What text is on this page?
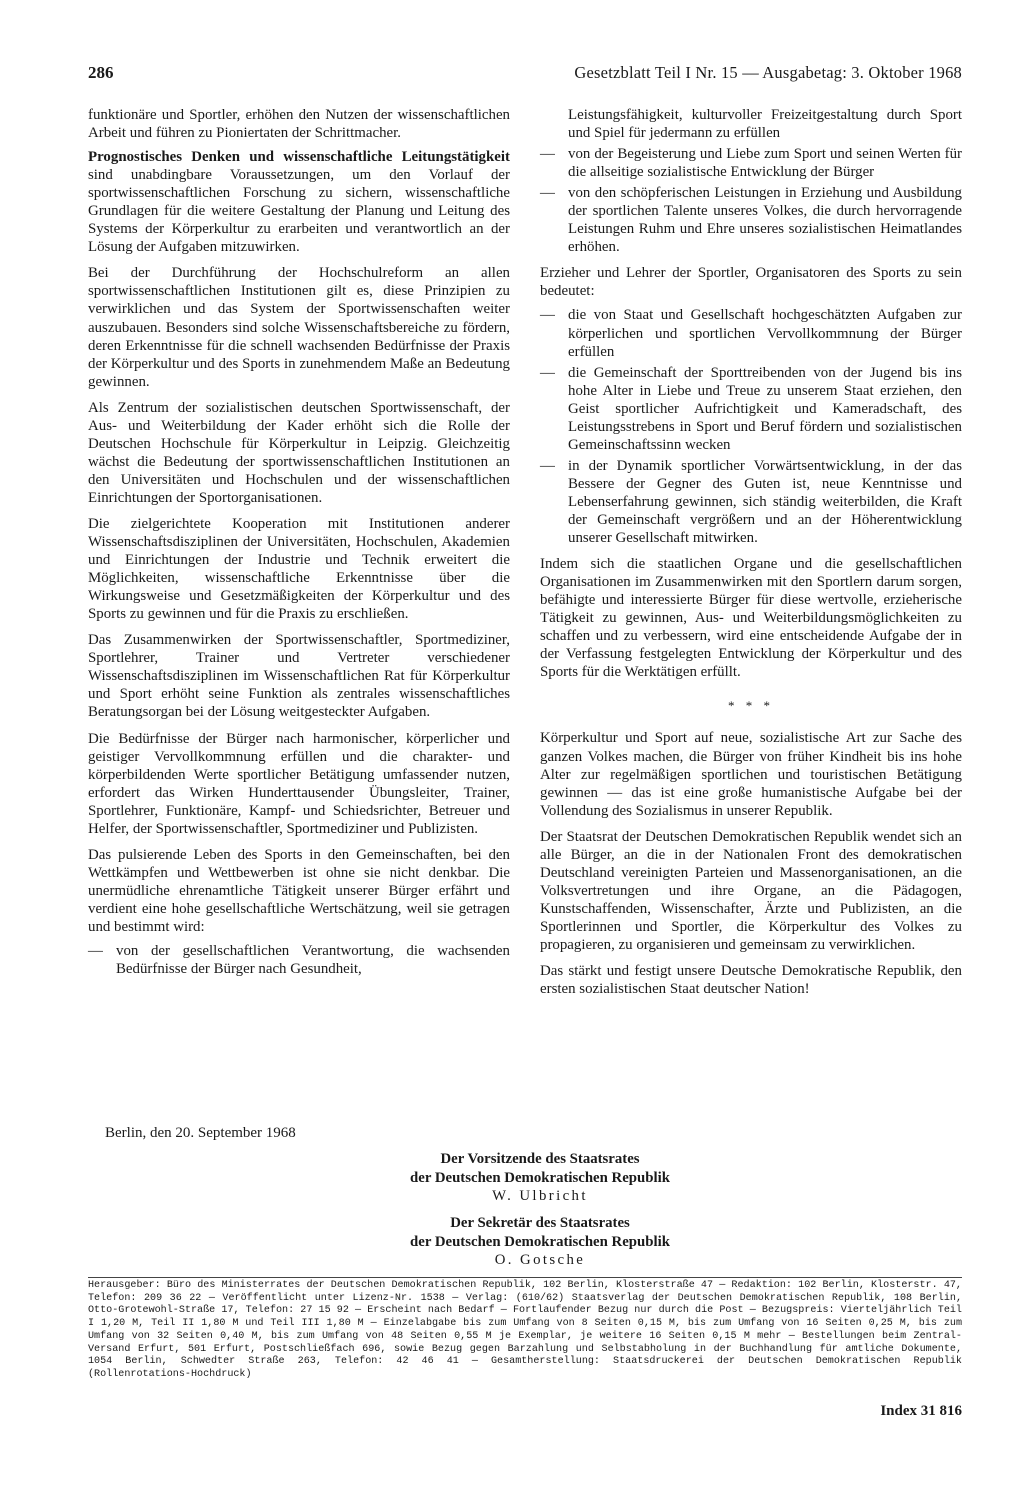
286	Gesetzblatt Teil I Nr. 15 — Ausgabetag: 3. Oktober 1968

funktionäre und Sportler, erhöhen den Nutzen der wissenschaftlichen Arbeit und führen zu Pioniertaten der Schrittmacher.

Prognostisches Denken und wissenschaftliche Leitungstätigkeit sind unabdingbare Voraussetzungen, um den Vorlauf der sportwissenschaftlichen Forschung zu sichern, wissenschaftliche Grundlagen für die weitere Gestaltung der Planung und Leitung des Systems der Körperkultur zu erarbeiten und verantwortlich an der Lösung der Aufgaben mitzuwirken.

Bei der Durchführung der Hochschulreform an allen sportwissenschaftlichen Institutionen gilt es, diese Prinzipien zu verwirklichen und das System der Sportwissenschaften weiter auszubauen. Besonders sind solche Wissenschaftsbereiche zu fördern, deren Erkenntnisse für die schnell wachsenden Bedürfnisse der Praxis der Körperkultur und des Sports in zunehmendem Maße an Bedeutung gewinnen.

Als Zentrum der sozialistischen deutschen Sportwissenschaft, der Aus- und Weiterbildung der Kader erhöht sich die Rolle der Deutschen Hochschule für Körperkultur in Leipzig. Gleichzeitig wächst die Bedeutung der sportwissenschaftlichen Institutionen an den Universitäten und Hochschulen und der wissenschaftlichen Einrichtungen der Sportorganisationen.

Die zielgerichtete Kooperation mit Institutionen anderer Wissenschaftsdisziplinen der Universitäten, Hochschulen, Akademien und Einrichtungen der Industrie und Technik erweitert die Möglichkeiten, wissenschaftliche Erkenntnisse über die Wirkungsweise und Gesetzmäßigkeiten der Körperkultur und des Sports zu gewinnen und für die Praxis zu erschließen.

Das Zusammenwirken der Sportwissenschaftler, Sportmediziner, Sportlehrer, Trainer und Vertreter verschiedener Wissenschaftsdisziplinen im Wissenschaftlichen Rat für Körperkultur und Sport erhöht seine Funktion als zentrales wissenschaftliches Beratungsorgan bei der Lösung weitgesteckter Aufgaben.

Die Bedürfnisse der Bürger nach harmonischer, körperlicher und geistiger Vervollkommnung erfüllen und die charakter- und körperbildenden Werte sportlicher Betätigung umfassender nutzen, erfordert das Wirken Hunderttausender Übungsleiter, Trainer, Sportlehrer, Funktionäre, Kampf- und Schiedsrichter, Betreuer und Helfer, der Sportwissenschaftler, Sportmediziner und Publizisten.

Das pulsierende Leben des Sports in den Gemeinschaften, bei den Wettkämpfen und Wettbewerben ist ohne sie nicht denkbar. Die unermüdliche ehrenamtliche Tätigkeit unserer Bürger erfährt und verdient eine hohe gesellschaftliche Wertschätzung, weil sie getragen und bestimmt wird:

— von der gesellschaftlichen Verantwortung, die wachsenden Bedürfnisse der Bürger nach Gesundheit,

Leistungsfähigkeit, kulturvoller Freizeitgestaltung durch Sport und Spiel für jedermann zu erfüllen

— von der Begeisterung und Liebe zum Sport und seinen Werten für die allseitige sozialistische Entwicklung der Bürger
— von den schöpferischen Leistungen in Erziehung und Ausbildung der sportlichen Talente unseres Volkes, die durch hervorragende Leistungen Ruhm und Ehre unseres sozialistischen Heimatlandes erhöhen.

Erzieher und Lehrer der Sportler, Organisatoren des Sports zu sein bedeutet:

— die von Staat und Gesellschaft hochgeschätzten Aufgaben zur körperlichen und sportlichen Vervollkommnung der Bürger erfüllen
— die Gemeinschaft der Sporttreibenden von der Jugend bis ins hohe Alter in Liebe und Treue zu unserem Staat erziehen, den Geist sportlicher Aufrichtigkeit und Kameradschaft, des Leistungsstrebens in Sport und Beruf fördern und sozialistischen Gemeinschaftssinn wecken
— in der Dynamik sportlicher Vorwärtsentwicklung, in der das Bessere der Gegner des Guten ist, neue Kenntnisse und Lebenserfahrung gewinnen, sich ständig weiterbilden, die Kraft der Gemeinschaft vergrößern und an der Höherentwicklung unserer Gesellschaft mitwirken.

Indem sich die staatlichen Organe und die gesellschaftlichen Organisationen im Zusammenwirken mit den Sportlern darum sorgen, befähigte und interessierte Bürger für diese wertvolle, erzieherische Tätigkeit zu gewinnen, Aus- und Weiterbildungsmöglichkeiten zu schaffen und zu verbessern, wird eine entscheidende Aufgabe der in der Verfassung festgelegten Entwicklung der Körperkultur und des Sports für die Werktätigen erfüllt.

* * *

Körperkultur und Sport auf neue, sozialistische Art zur Sache des ganzen Volkes machen, die Bürger von früher Kindheit bis ins hohe Alter zur regelmäßigen sportlichen und touristischen Betätigung gewinnen — das ist eine große humanistische Aufgabe bei der Vollendung des Sozialismus in unserer Republik.

Der Staatsrat der Deutschen Demokratischen Republik wendet sich an alle Bürger, an die in der Nationalen Front des demokratischen Deutschland vereinigten Parteien und Massenorganisationen, an die Volksvertretungen und ihre Organe, an die Pädagogen, Kunstschaffenden, Wissenschafter, Ärzte und Publizisten, an die Sportlerinnen und Sportler, die Körperkultur des Volkes zu propagieren, zu organisieren und gemeinsam zu verwirklichen.

Das stärkt und festigt unsere Deutsche Demokratische Republik, den ersten sozialistischen Staat deutscher Nation!

Berlin, den 20. September 1968
Der Vorsitzende des Staatsrates
der Deutschen Demokratischen Republik
W. Ulbricht
Der Sekretär des Staatsrates
der Deutschen Demokratischen Republik
O. Gotsche
Herausgeber: Büro des Ministerrates der Deutschen Demokratischen Republik, 102 Berlin, Klosterstraße 47 — Redaktion: 102 Berlin, Klosterstr. 47, Telefon: 209 36 22 — Veröffentlicht unter Lizenz-Nr. 1538 — Verlag: (610/62) Staatsverlag der Deutschen Demokratischen Republik, 108 Berlin, Otto-Grotewohl-Straße 17, Telefon: 27 15 92 — Erscheint nach Bedarf — Fortlaufender Bezug nur durch die Post — Bezugspreis: Vierteljährlich Teil I 1,20 M, Teil II 1,80 M und Teil III 1,80 M — Einzelabgabe bis zum Umfang von 8 Seiten 0,15 M, bis zum Umfang von 16 Seiten 0,25 M, bis zum Umfang von 32 Seiten 0,40 M, bis zum Umfang von 48 Seiten 0,55 M je Exemplar, je weitere 16 Seiten 0,15 M mehr — Bestellungen beim Zentral-Versand Erfurt, 501 Erfurt, Postschließfach 696, sowie Bezug gegen Barzahlung und Selbstabholung in der Buchhandlung für amtliche Dokumente, 1054 Berlin, Schwedter Straße 263, Telefon: 42 46 41 — Gesamtherstellung: Staatsdruckerei der Deutschen Demokratischen Republik (Rollenrotations-Hochdruck)
Index 31 816
